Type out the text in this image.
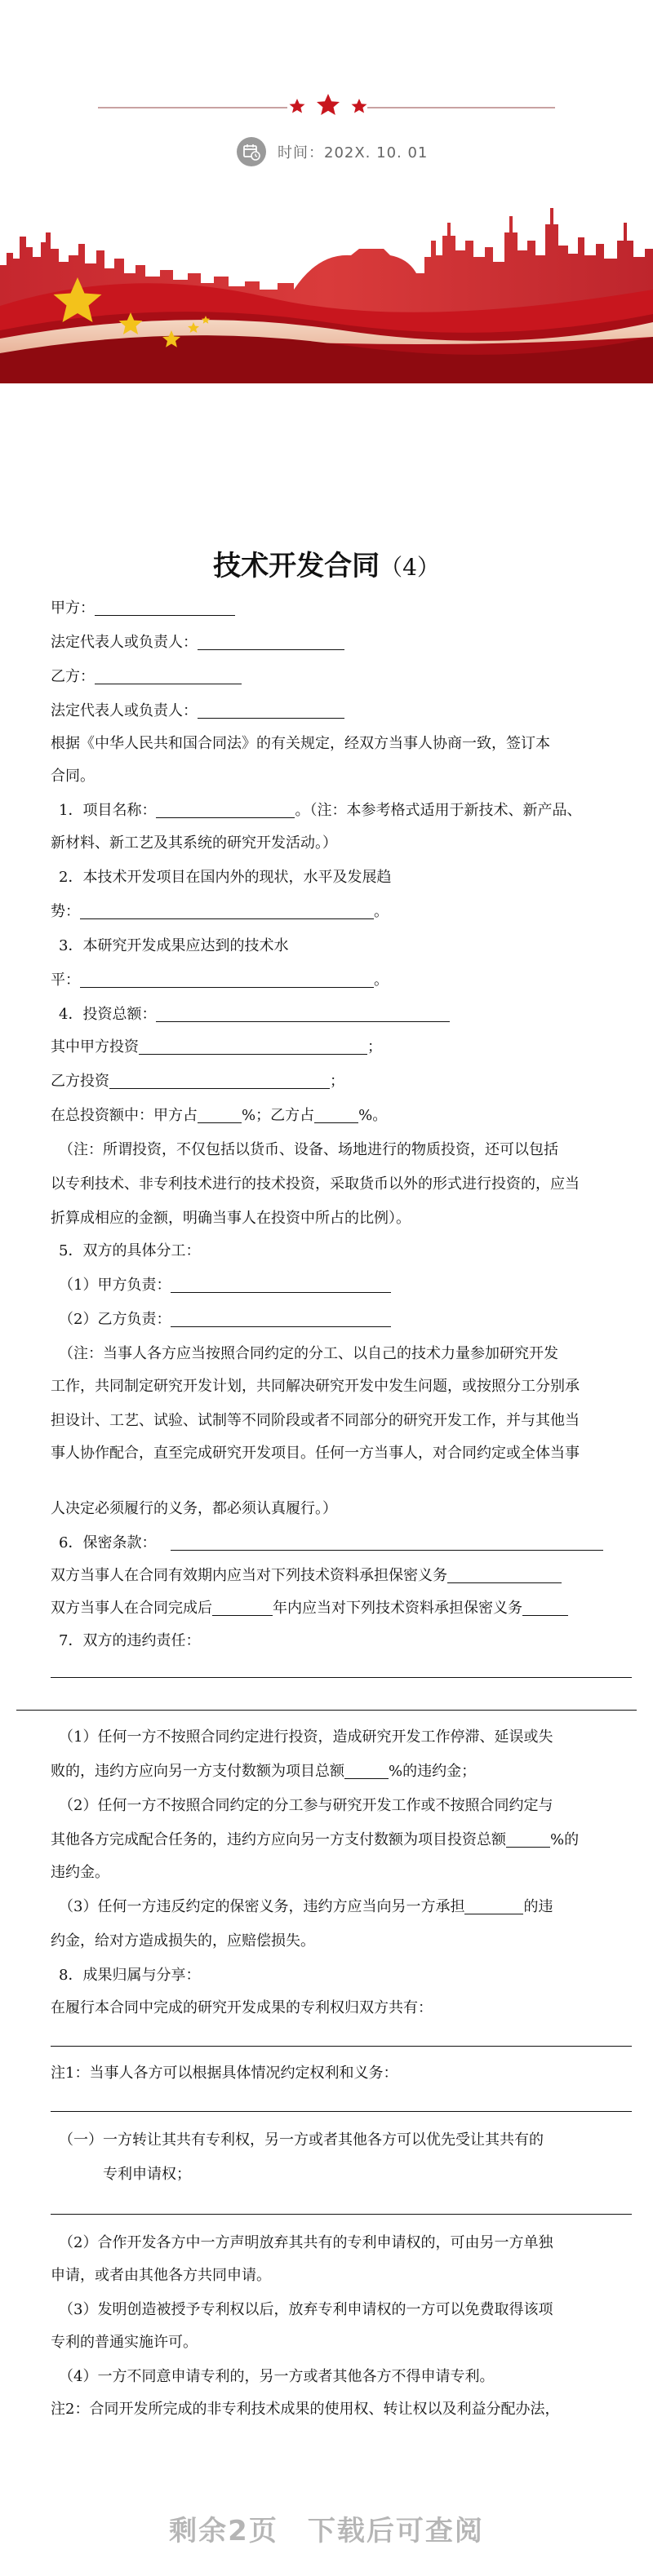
时间：202X. 10. 01
技术开发合同（4）
甲方：
法定代表人或负责人：
乙方：
法定代表人或负责人：
根据《中华人民共和国合同法》的有关规定，经双方当事人协商一致，签订本
合同。
1．项目名称：	。（注：本参考格式适用于新技术、新产品、
新材料、新工艺及其系统的研究开发活动。）
2．本技术开发项目在国内外的现状，水平及发展趋
势：	。
3．本研究开发成果应达到的技术水
平：	。
4．投资总额：
其中甲方投资	；
乙方投资	；
在总投资额中：甲方占	%；乙方占	%。
（注：所谓投资，不仅包括以货币、设备、场地进行的物质投资，还可以包括
以专利技术、非专利技术进行的技术投资，采取货币以外的形式进行投资的，应当
折算成相应的金额，明确当事人在投资中所占的比例）。
5．双方的具体分工：
（1）甲方负责：
（2）乙方负责：
（注：当事人各方应当按照合同约定的分工、以自己的技术力量参加研究开发
工作，共同制定研究开发计划，共同解决研究开发中发生问题，或按照分工分别承
担设计、工艺、试验、试制等不同阶段或者不同部分的研究开发工作，并与其他当
事人协作配合，直至完成研究开发项目。任何一方当事人，对合同约定或全体当事
人决定必须履行的义务，都必须认真履行。）
6．保密条款：
双方当事人在合同有效期内应当对下列技术资料承担保密义务
双方当事人在合同完成后	年内应当对下列技术资料承担保密义务
7．双方的违约责任：
（1）任何一方不按照合同约定进行投资，造成研究开发工作停滞、延误或失
败的，违约方应向另一方支付数额为项目总额	%的违约金；
（2）任何一方不按照合同约定的分工参与研究开发工作或不按照合同约定与
其他各方完成配合任务的，违约方应向另一方支付数额为项目投资总额	%的
违约金。
（3）任何一方违反约定的保密义务，违约方应当向另一方承担	的违
约金，给对方造成损失的，应赔偿损失。
8．成果归属与分享：
在履行本合同中完成的研究开发成果的专利权归双方共有：
注1：当事人各方可以根据具体情况约定权利和义务：
（一）一方转让其共有专利权，另一方或者其他各方可以优先受让其共有的
专利申请权；
（2）合作开发各方中一方声明放弃其共有的专利申请权的，可由另一方单独
申请，或者由其他各方共同申请。
（3）发明创造被授予专利权以后，放弃专利申请权的一方可以免费取得该项
专利的普通实施许可。
（4）一方不同意申请专利的，另一方或者其他各方不得申请专利。
注2：合同开发所完成的非专利技术成果的使用权、转让权以及利益分配办法，
剩余2页 下载后可查阅
